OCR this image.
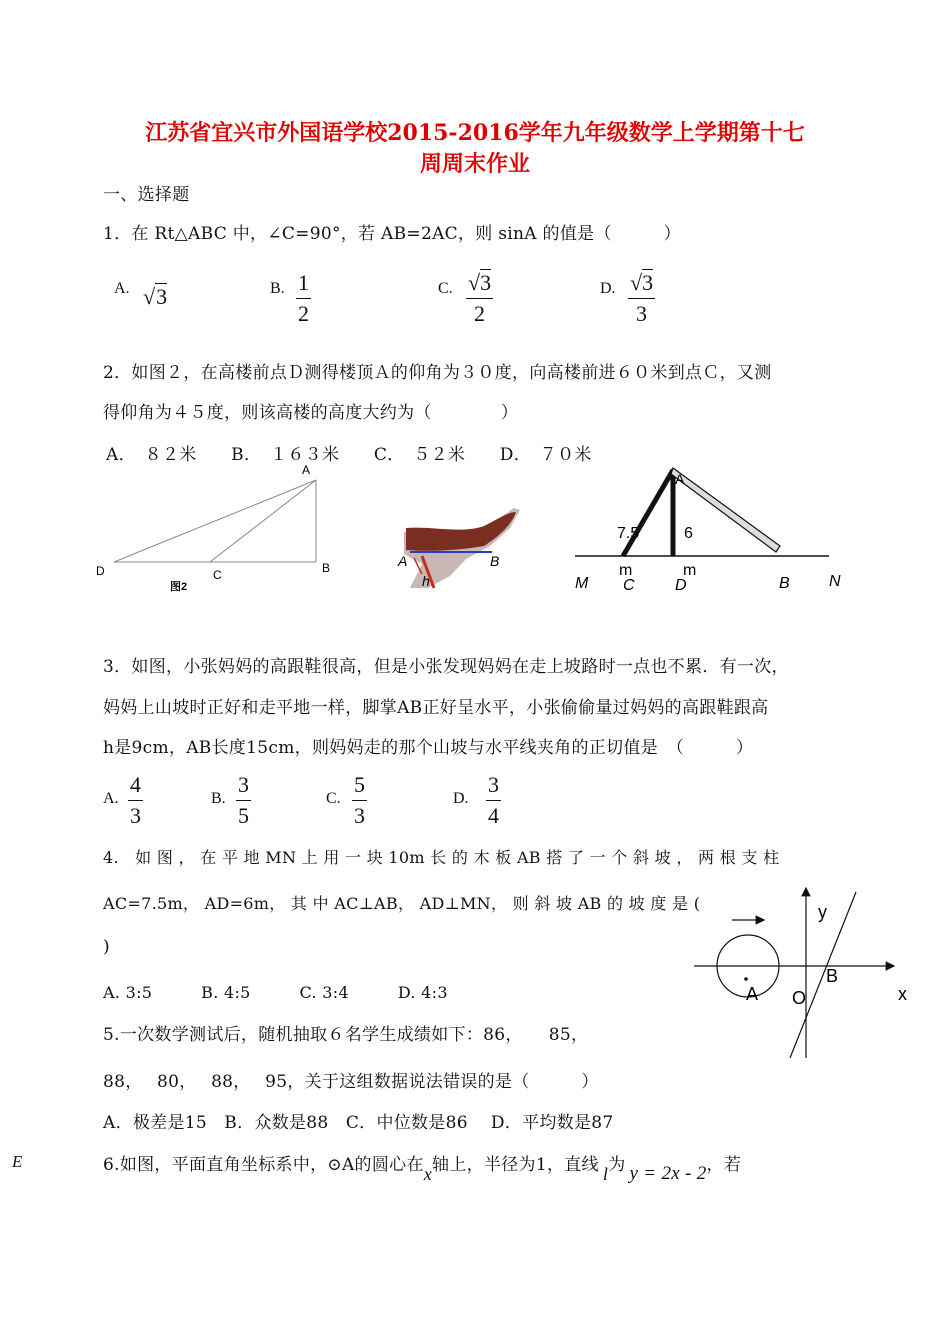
江苏省宜兴市外国语学校2015-2016学年九年级数学上学期第十七
周周末作业
一、选择题
1．在 Rt△ABC 中，∠C=90°，若 AB=2AC，则 sinA 的值是（　　　）
A. √3	B. 1
2
C. √3
2
D. √3
3
2．如图２，在高楼前点Ｄ测得楼顶Ａ的仰角为３０度，向高楼前进６０米到点Ｃ，又测
得仰角为４５度，则该高楼的高度大约为（　　　　）
A．　８２米　　B．　１６３米　　C．　５２米　　D．　７０米
A
D	C	B
图2
A	B
h
A
7.5	6
m	m
M C	D	B N
3．如图，小张妈妈的高跟鞋很高，但是小张发现妈妈在走上坡路时一点也不累．有一次，
妈妈上山坡时正好和走平地一样，脚掌AB正好呈水平，小张偷偷量过妈妈的高跟鞋跟高
h是9cm，AB长度15cm，则妈妈走的那个山坡与水平线夹角的正切值是　（　　　）
A.
4
3
B.
3
5
C.
5
3
D.
3
4
4.　如 图 ， 在 平 地 MN 上 用 一 块 10m 长 的 木 板 AB 搭 了 一 个 斜 坡 ， 两 根 支 柱
AC=7.5m， AD=6m， 其 中 AC⊥AB， AD⊥MN， 则 斜 坡 AB 的 坡 度 是 (
)
A. 3:5　　　B. 4:5　　　C. 3:4　　　D. 4:3
5.一次数学测试后，随机抽取６名学生成绩如下：86，　　85，
88，　 80，　 88，　 95，关于这组数据说法错误的是（　　　）
A．极差是15　B．众数是88　C．中位数是86　 D．平均数是87
y
x
A O
B
E	6.如图，平面直角坐标系中，⊙A的圆心在x轴上，半径为1，直线 l为 y = 2x - 2，若
